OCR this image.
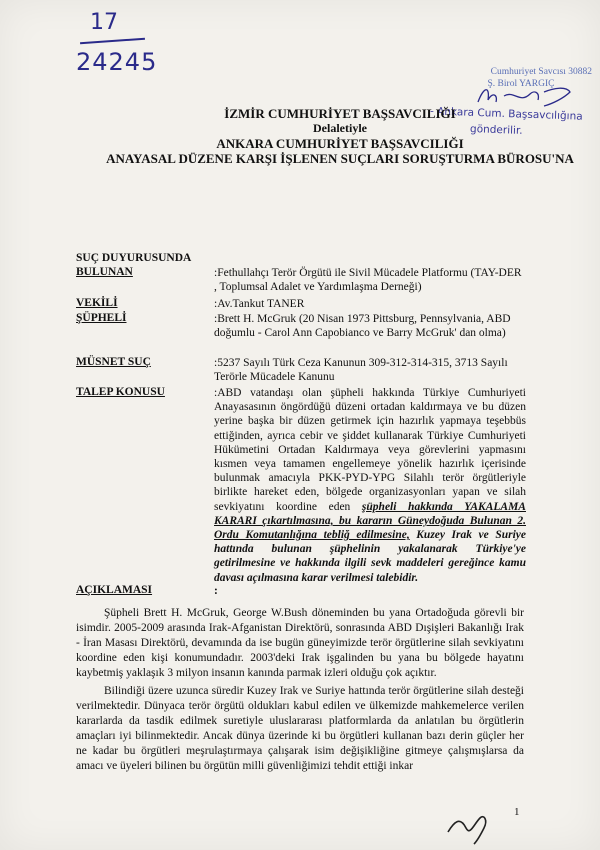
17
24245	Cumhuriyet Savcısı 30882
Ş. Birol YARGIÇ
- Ankara Cum. Başsavcılığına
gönderilir.
İZMİR CUMHURİYET BAŞSAVCILIĞI
Delaletiyle
ANKARA CUMHURİYET BAŞSAVCILIĞI
ANAYASAL DÜZENE KARŞI İŞLENEN SUÇLARI SORUŞTURMA BÜROSU'NA
SUÇ DUYURUSUNDA
BULUNAN	:Fethullahçı Terör Örgütü ile Sivil Mücadele Platformu (TAY-DER , Toplumsal Adalet ve Yardımlaşma Derneği)
VEKİLİ	:Av.Tankut TANER
ŞÜPHELİ	:Brett H. McGruk (20 Nisan 1973 Pittsburg, Pennsylvania, ABD doğumlu - Carol Ann Capobianco ve Barry McGruk' dan olma)
MÜSNET SUÇ	:5237 Sayılı Türk Ceza Kanunun 309-312-314-315, 3713 Sayılı Terörle Mücadele Kanunu
TALEP KONUSU	:ABD vatandaşı olan şüpheli hakkında Türkiye Cumhuriyeti Anayasasının öngördüğü düzeni ortadan kaldırmaya ve bu düzen yerine başka bir düzen getirmek için hazırlık yapmaya teşebbüs ettiğinden, ayrıca cebir ve şiddet kullanarak Türkiye Cumhuriyeti Hükümetini Ortadan Kaldırmaya veya görevlerini yapmasını kısmen veya tamamen engellemeye yönelik hazırlık içerisinde bulunmak amacıyla PKK-PYD-YPG Silahlı terör örgütleriyle birlikte hareket eden, bölgede organizasyonları yapan ve silah sevkiyatını koordine eden şüpheli hakkında YAKALAMA KARARI çıkartılmasına, bu kararın Güneydoğuda Bulunan 2. Ordu Komutanlığına tebliğ edilmesine, Kuzey Irak ve Suriye hattında bulunan şüphelinin yakalanarak Türkiye'ye getirilmesine ve hakkında ilgili sevk maddeleri gereğince kamu davası açılmasına karar verilmesi talebidir.
AÇIKLAMASI	:
Şüpheli Brett H. McGruk, George W.Bush döneminden bu yana Ortadoğuda görevli bir isimdir. 2005-2009 arasında Irak-Afganistan Direktörü, sonrasında ABD Dışişleri Bakanlığı Irak - İran Masası Direktörü, devamında da ise bugün güneyimizde terör örgütlerine silah sevkiyatını koordine eden kişi konumundadır. 2003'deki Irak işgalinden bu yana bu bölgede hayatını kaybetmiş yaklaşık 3 milyon insanın kanında parmak izleri olduğu çok açıktır.
Bilindiği üzere uzunca süredir Kuzey Irak ve Suriye hattında terör örgütlerine silah desteği verilmektedir. Dünyaca terör örgütü oldukları kabul edilen ve ülkemizde mahkemelerce verilen kararlarda da tasdik edilmek suretiyle uluslararası platformlarda da anlatılan bu örgütlerin amaçları iyi bilinmektedir. Ancak dünya üzerinde ki bu örgütleri kullanan bazı derin güçler her ne kadar bu örgütleri meşrulaştırmaya çalışarak isim değişikliğine gitmeye çalışmışlarsa da amacı ve üyeleri bilinen bu örgütün milli güvenliğimizi tehdit ettiği inkar
1
